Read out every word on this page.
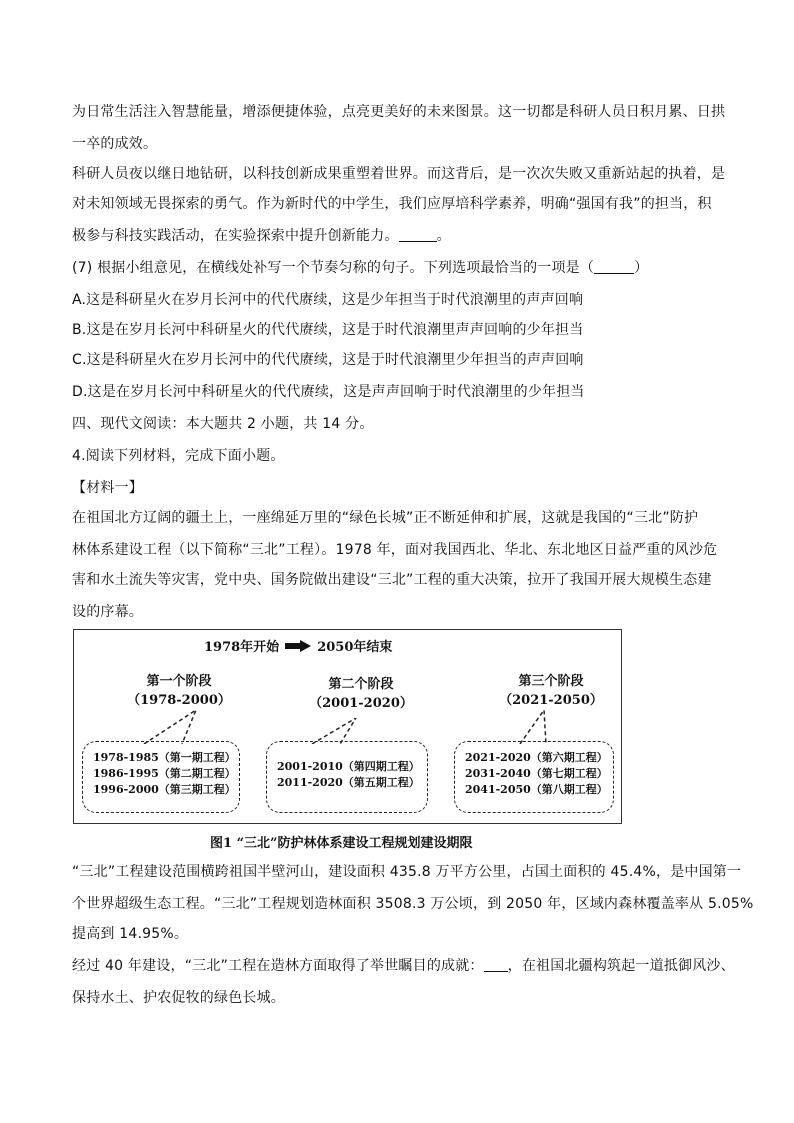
为日常生活注入智慧能量，增添便捷体验，点亮更美好的未来图景。这一切都是科研人员日积月累、日拱
一卒的成效。
科研人员夜以继日地钻研，以科技创新成果重塑着世界。而这背后，是一次次失败又重新站起的执着，是
对未知领域无畏探索的勇气。作为新时代的中学生，我们应厚培科学素养，明确“强国有我”的担当，积
极参与科技实践活动，在实验探索中提升创新能力。	。
(7) 根据小组意见，在横线处补写一个节奏匀称的句子。下列选项最恰当的一项是（	）
A.这是科研星火在岁月长河中的代代赓续，这是少年担当于时代浪潮里的声声回响
B.这是在岁月长河中科研星火的代代赓续，这是于时代浪潮里声声回响的少年担当
C.这是科研星火在岁月长河中的代代赓续，这是于时代浪潮里少年担当的声声回响
D.这是在岁月长河中科研星火的代代赓续，这是声声回响于时代浪潮里的少年担当
四、现代文阅读：本大题共 2 小题，共 14 分。
4.阅读下列材料，完成下面小题。
【材料一】
在祖国北方辽阔的疆土上，一座绵延万里的“绿色长城”正不断延伸和扩展，这就是我国的“三北”防护
林体系建设工程（以下简称“三北”工程）。1978 年，面对我国西北、华北、东北地区日益严重的风沙危
害和水土流失等灾害，党中央、国务院做出建设“三北”工程的重大决策，拉开了我国开展大规模生态建
设的序幕。
1978年开始	2050年结束
第一个阶段
（1978-2000）
第二个阶段
（2001-2020）
第三个阶段
（2021-2050）
1978-1985（第一期工程）
1986-1995（第二期工程）
1996-2000（第三期工程）
2001-2010（第四期工程）
2011-2020（第五期工程）
2021-2020（第六期工程）
2031-2040（第七期工程）
2041-2050（第八期工程）
图1 “三北”防护林体系建设工程规划建设期限
“三北”工程建设范围横跨祖国半壁河山，建设面积 435.8 万平方公里，占国土面积的 45.4%，是中国第一
个世界超级生态工程。“三北”工程规划造林面积 3508.3 万公顷，到 2050 年，区域内森林覆盖率从 5.05%
提高到 14.95%。
经过 40 年建设，“三北”工程在造林方面取得了举世瞩目的成就： ，在祖国北疆构筑起一道抵御风沙、
保持水土、护农促牧的绿色长城。
